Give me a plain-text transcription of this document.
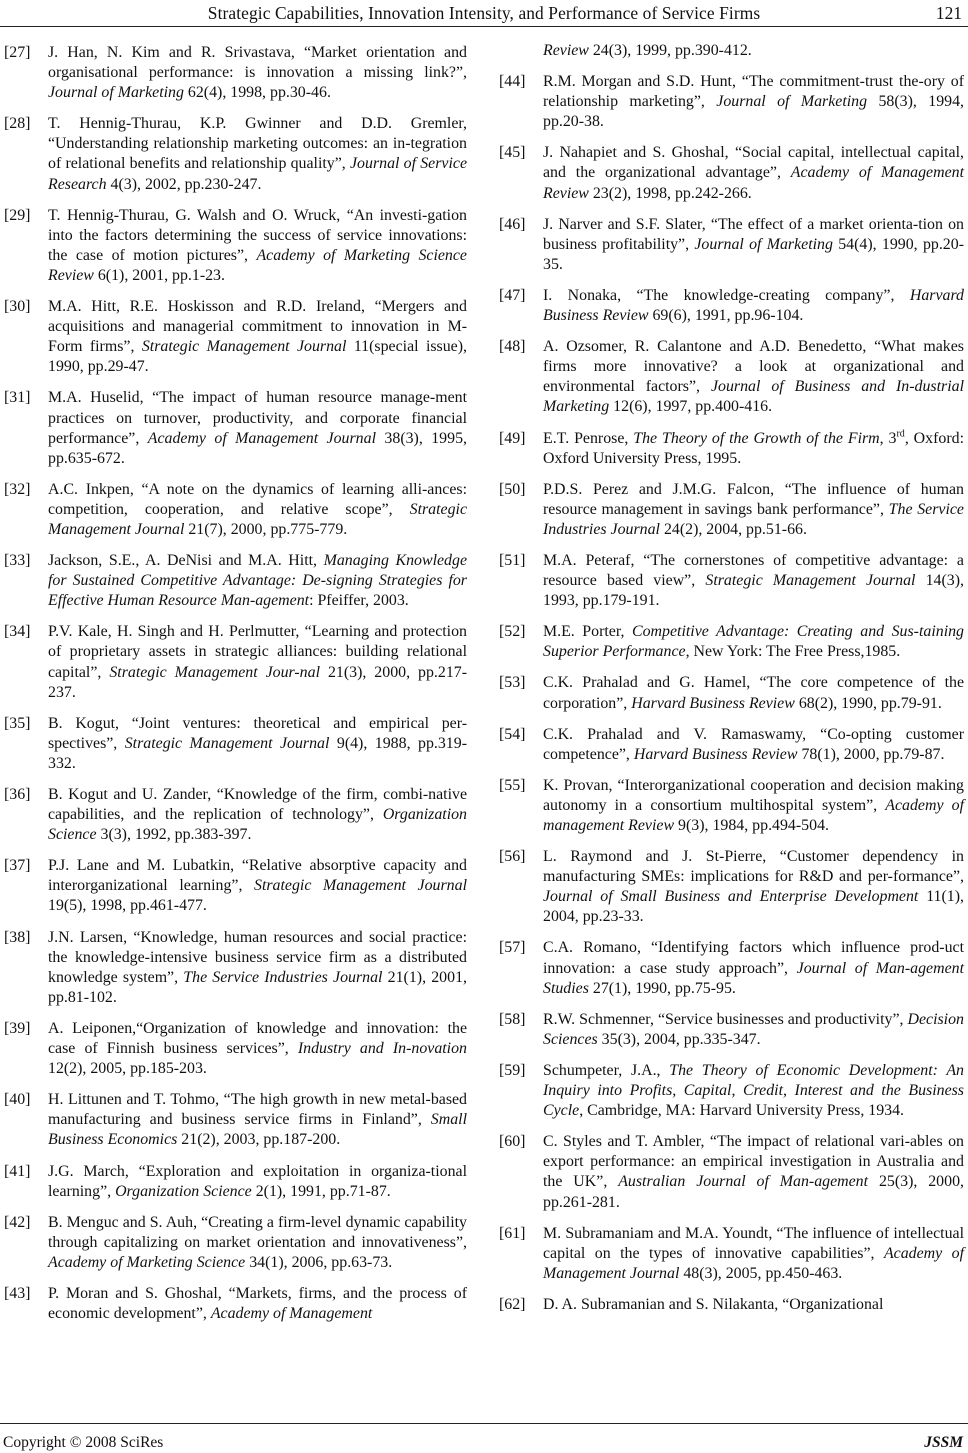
Strategic Capabilities, Innovation Intensity, and Performance of Service Firms	121
[27] J. Han, N. Kim and R. Srivastava, “Market orientation and organisational performance: is innovation a missing link?”, Journal of Marketing 62(4), 1998, pp.30-46.
[28] T. Hennig-Thurau, K.P. Gwinner and D.D. Gremler, “Understanding relationship marketing outcomes: an in-tegration of relational benefits and relationship quality”, Journal of Service Research 4(3), 2002, pp.230-247.
[29] T. Hennig-Thurau, G. Walsh and O. Wruck, “An investi-gation into the factors determining the success of service innovations: the case of motion pictures”, Academy of Marketing Science Review 6(1), 2001, pp.1-23.
[30] M.A. Hitt, R.E. Hoskisson and R.D. Ireland, “Mergers and acquisitions and managerial commitment to innovation in M-Form firms”, Strategic Management Journal 11(special issue), 1990, pp.29-47.
[31] M.A. Huselid, “The impact of human resource manage-ment practices on turnover, productivity, and corporate financial performance”, Academy of Management Journal 38(3), 1995, pp.635-672.
[32] A.C. Inkpen, “A note on the dynamics of learning alli-ances: competition, cooperation, and relative scope”, Strategic Management Journal 21(7), 2000, pp.775-779.
[33] Jackson, S.E., A. DeNisi and M.A. Hitt, Managing Knowledge for Sustained Competitive Advantage: De-signing Strategies for Effective Human Resource Man-agement: Pfeiffer, 2003.
[34] P.V. Kale, H. Singh and H. Perlmutter, “Learning and protection of proprietary assets in strategic alliances: building relational capital”, Strategic Management Jour-nal 21(3), 2000, pp.217-237.
[35] B. Kogut, “Joint ventures: theoretical and empirical per-spectives”, Strategic Management Journal 9(4), 1988, pp.319-332.
[36] B. Kogut and U. Zander, “Knowledge of the firm, combi-native capabilities, and the replication of technology”, Organization Science 3(3), 1992, pp.383-397.
[37] P.J. Lane and M. Lubatkin, “Relative absorptive capacity and interorganizational learning”, Strategic Management Journal 19(5), 1998, pp.461-477.
[38] J.N. Larsen, “Knowledge, human resources and social practice: the knowledge-intensive business service firm as a distributed knowledge system”, The Service Industries Journal 21(1), 2001, pp.81-102.
[39] A. Leiponen,“Organization of knowledge and innovation: the case of Finnish business services”, Industry and In-novation 12(2), 2005, pp.185-203.
[40] H. Littunen and T. Tohmo, “The high growth in new metal-based manufacturing and business service firms in Finland”, Small Business Economics 21(2), 2003, pp.187-200.
[41] J.G. March, “Exploration and exploitation in organiza-tional learning”, Organization Science 2(1), 1991, pp.71-87.
[42] B. Menguc and S. Auh, “Creating a firm-level dynamic capability through capitalizing on market orientation and innovativeness”, Academy of Marketing Science 34(1), 2006, pp.63-73.
[43] P. Moran and S. Ghoshal, “Markets, firms, and the process of economic development”, Academy of Management
Review 24(3), 1999, pp.390-412.
[44] R.M. Morgan and S.D. Hunt, “The commitment-trust the-ory of relationship marketing”, Journal of Marketing 58(3), 1994, pp.20-38.
[45] J. Nahapiet and S. Ghoshal, “Social capital, intellectual capital, and the organizational advantage”, Academy of Management Review 23(2), 1998, pp.242-266.
[46] J. Narver and S.F. Slater, “The effect of a market orienta-tion on business profitability”, Journal of Marketing 54(4), 1990, pp.20-35.
[47] I. Nonaka, “The knowledge-creating company”, Harvard Business Review 69(6), 1991, pp.96-104.
[48] A. Ozsomer, R. Calantone and A.D. Benedetto, “What makes firms more innovative? a look at organizational and environmental factors”, Journal of Business and In-dustrial Marketing 12(6), 1997, pp.400-416.
[49] E.T. Penrose, The Theory of the Growth of the Firm, 3rd, Oxford: Oxford University Press, 1995.
[50] P.D.S. Perez and J.M.G. Falcon, “The influence of human resource management in savings bank performance”, The Service Industries Journal 24(2), 2004, pp.51-66.
[51] M.A. Peteraf, “The cornerstones of competitive advantage: a resource based view”, Strategic Management Journal 14(3), 1993, pp.179-191.
[52] M.E. Porter, Competitive Advantage: Creating and Sus-taining Superior Performance, New York: The Free Press,1985.
[53] C.K. Prahalad and G. Hamel, “The core competence of the corporation”, Harvard Business Review 68(2), 1990, pp.79-91.
[54] C.K. Prahalad and V. Ramaswamy, “Co-opting customer competence”, Harvard Business Review 78(1), 2000, pp.79-87.
[55] K. Provan, “Interorganizational cooperation and decision making autonomy in a consortium multihospital system”, Academy of management Review 9(3), 1984, pp.494-504.
[56] L. Raymond and J. St-Pierre, “Customer dependency in manufacturing SMEs: implications for R&D and per-formance”, Journal of Small Business and Enterprise Development 11(1), 2004, pp.23-33.
[57] C.A. Romano, “Identifying factors which influence prod-uct innovation: a case study approach”, Journal of Man-agement Studies 27(1), 1990, pp.75-95.
[58] R.W. Schmenner, “Service businesses and productivity”, Decision Sciences 35(3), 2004, pp.335-347.
[59] Schumpeter, J.A., The Theory of Economic Development: An Inquiry into Profits, Capital, Credit, Interest and the Business Cycle, Cambridge, MA: Harvard University Press, 1934.
[60] C. Styles and T. Ambler, “The impact of relational vari-ables on export performance: an empirical investigation in Australia and the UK”, Australian Journal of Man-agement 25(3), 2000, pp.261-281.
[61] M. Subramaniam and M.A. Youndt, “The influence of intellectual capital on the types of innovative capabilities”, Academy of Management Journal 48(3), 2005, pp.450-463.
[62] D. A. Subramanian and S. Nilakanta, “Organizational
Copyright © 2008 SciRes	JSSM
